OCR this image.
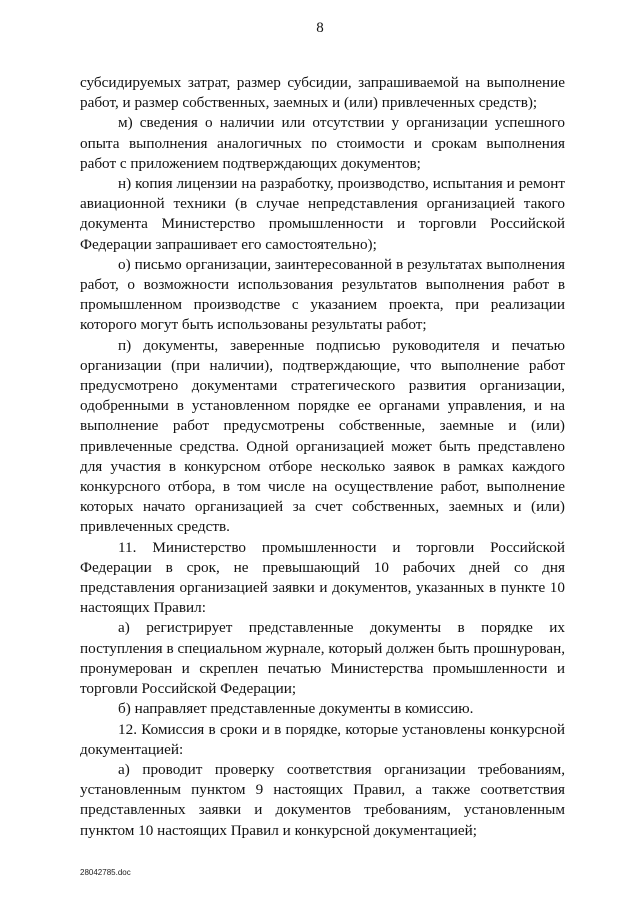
8

субсидируемых затрат, размер субсидии, запрашиваемой на выполнение работ, и размер собственных, заемных и (или) привлеченных средств);

м) сведения о наличии или отсутствии у организации успешного опыта выполнения аналогичных по стоимости и срокам выполнения работ с приложением подтверждающих документов;

н) копия лицензии на разработку, производство, испытания и ремонт авиационной техники (в случае непредставления организацией такого документа Министерство промышленности и торговли Российской Федерации запрашивает его самостоятельно);

о) письмо организации, заинтересованной в результатах выполнения работ, о возможности использования результатов выполнения работ в промышленном производстве с указанием проекта, при реализации которого могут быть использованы результаты работ;

п) документы, заверенные подписью руководителя и печатью организации (при наличии), подтверждающие, что выполнение работ предусмотрено документами стратегического развития организации, одобренными в установленном порядке ее органами управления, и на выполнение работ предусмотрены собственные, заемные и (или) привлеченные средства. Одной организацией может быть представлено для участия в конкурсном отборе несколько заявок в рамках каждого конкурсного отбора, в том числе на осуществление работ, выполнение которых начато организацией за счет собственных, заемных и (или) привлеченных средств.

11. Министерство промышленности и торговли Российской Федерации в срок, не превышающий 10 рабочих дней со дня представления организацией заявки и документов, указанных в пункте 10 настоящих Правил:

а) регистрирует представленные документы в порядке их поступления в специальном журнале, который должен быть прошнурован, пронумерован и скреплен печатью Министерства промышленности и торговли Российской Федерации;

б) направляет представленные документы в комиссию.

12. Комиссия в сроки и в порядке, которые установлены конкурсной документацией:

а) проводит проверку соответствия организации требованиям, установленным пунктом 9 настоящих Правил, а также соответствия представленных заявки и документов требованиям, установленным пунктом 10 настоящих Правил и конкурсной документацией;

28042785.doc
